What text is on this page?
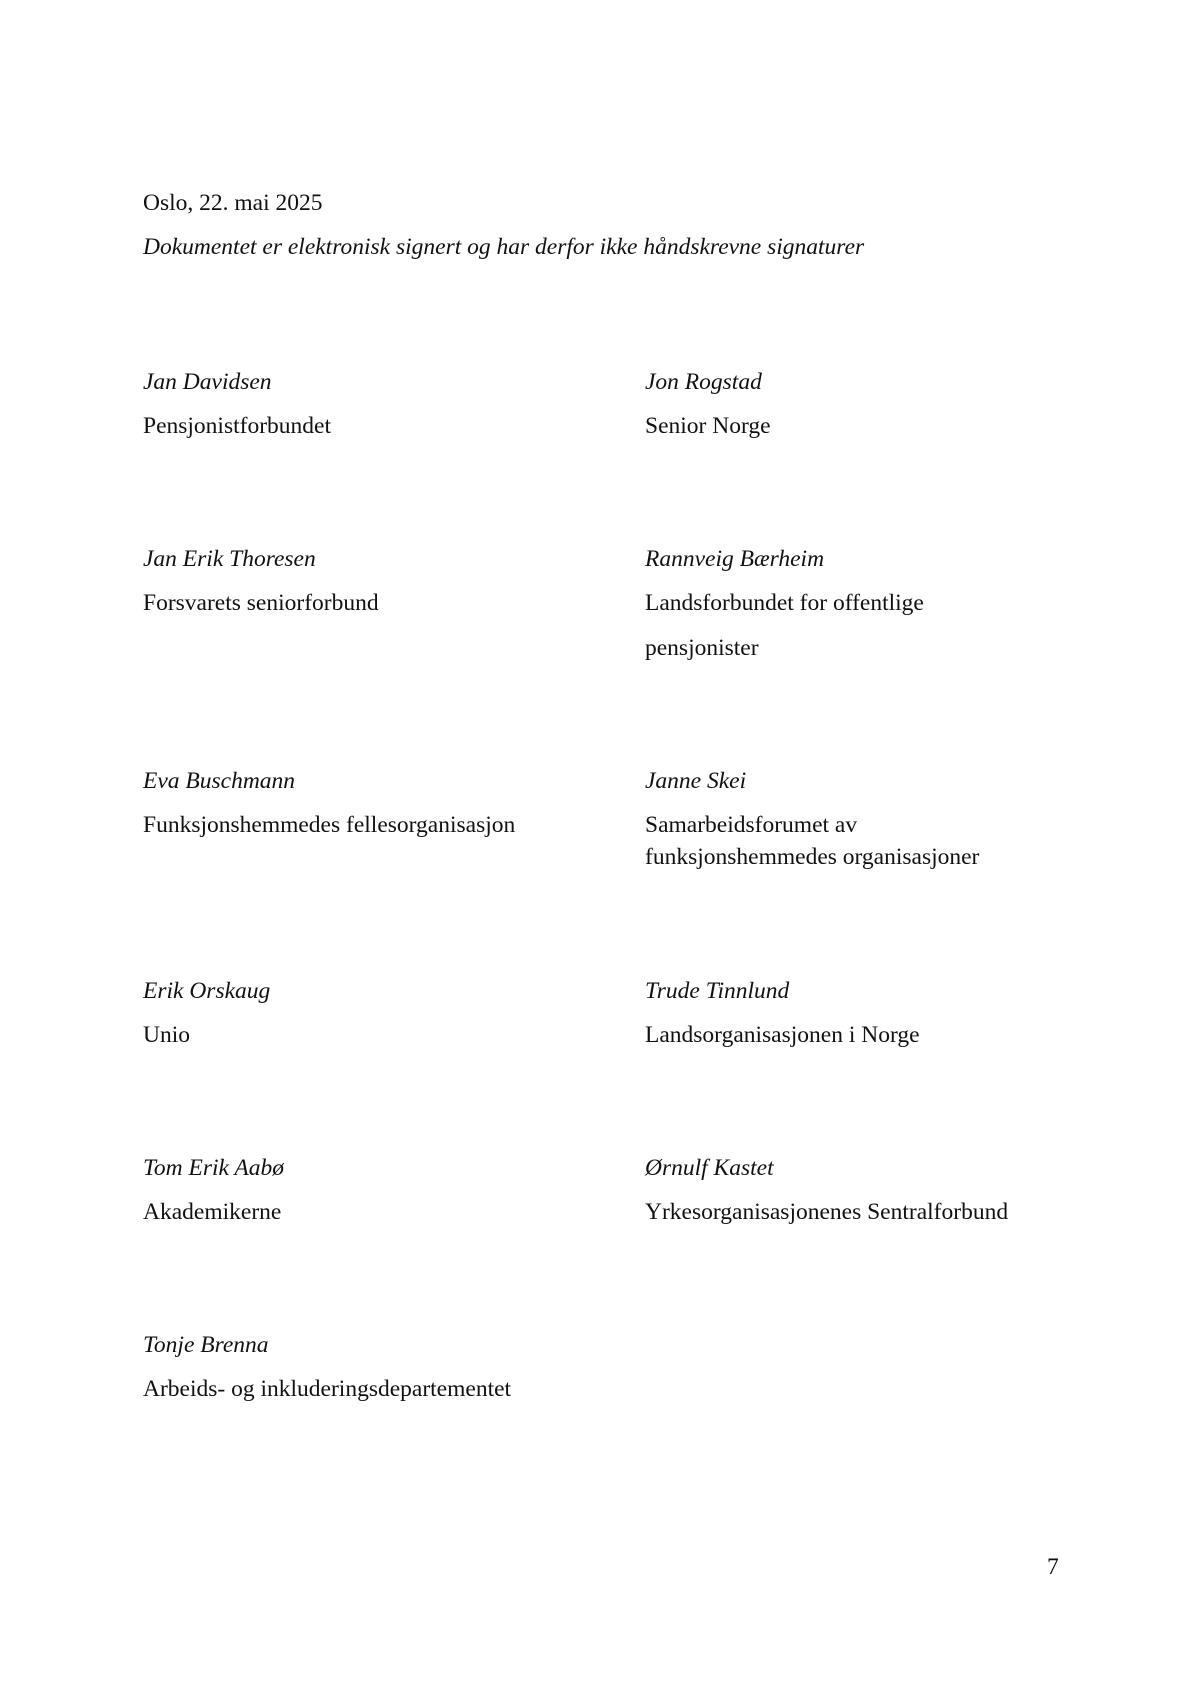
Oslo, 22. mai 2025
Dokumentet er elektronisk signert og har derfor ikke håndskrevne signaturer
Jan Davidsen
Pensjonistforbundet
Jon Rogstad
Senior Norge
Jan Erik Thoresen
Forsvarets seniorforbund
Rannveig Bærheim
Landsforbundet for offentlige
pensjonister
Eva Buschmann
Funksjonshemmedes fellesorganisasjon
Janne Skei
Samarbeidsforumet av
funksjonshemmedes organisasjoner
Erik Orskaug
Unio
Trude Tinnlund
Landsorganisasjonen i Norge
Tom Erik Aabø
Akademikerne
Ørnulf Kastet
Yrkesorganisasjonenes Sentralforbund
Tonje Brenna
Arbeids- og inkluderingsdepartementet
7
